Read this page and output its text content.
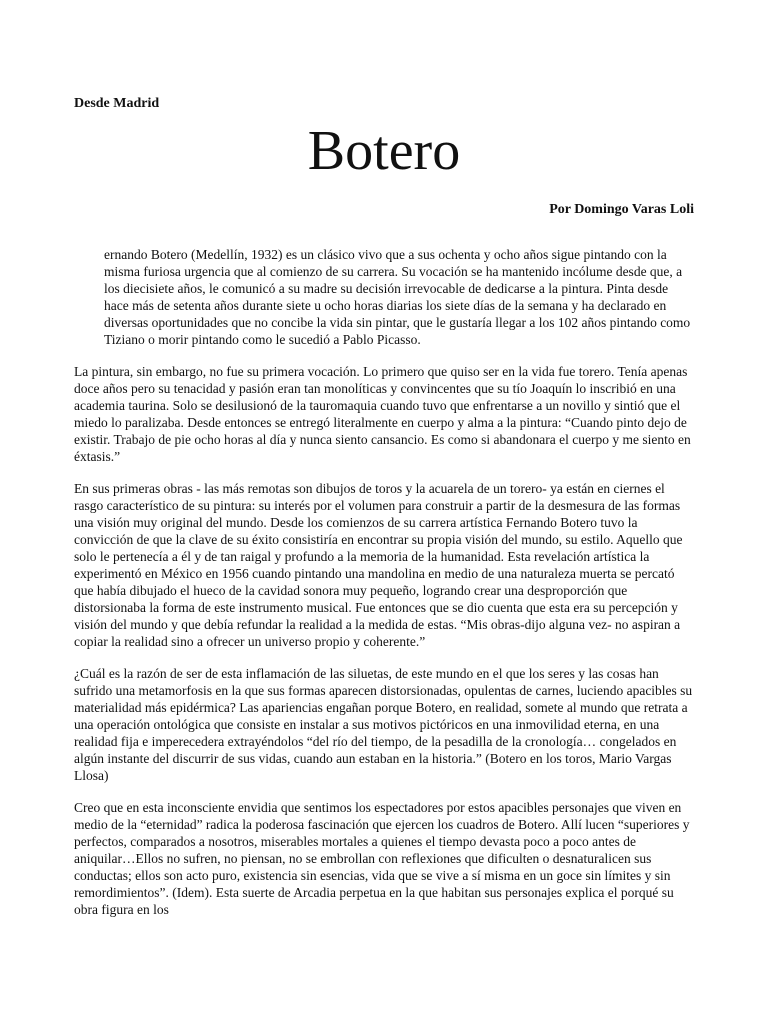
Desde Madrid
Botero
Por Domingo Varas Loli

ernando Botero (Medellín, 1932) es un clásico vivo que a sus ochenta y ocho años sigue pintando con la misma furiosa urgencia que al comienzo de su carrera. Su vocación se ha mantenido incólume desde que, a los diecisiete años, le comunicó a su madre su decisión irrevocable de dedicarse a la pintura. Pinta desde hace más de setenta años durante siete u ocho horas diarias los siete días de la semana y ha declarado en diversas oportunidades que no concibe la vida sin pintar, que le gustaría llegar a los 102 años pintando como Tiziano o morir pintando como le sucedió a Pablo Picasso.

La pintura, sin embargo, no fue su primera vocación. Lo primero que quiso ser en la vida fue torero. Tenía apenas doce años pero su tenacidad y pasión eran tan monolíticas y convincentes que su tío Joaquín lo inscribió en una academia taurina. Solo se desilusionó de la tauromaquia cuando tuvo que enfrentarse a un novillo y sintió que el miedo lo paralizaba. Desde entonces se entregó literalmente en cuerpo y alma a la pintura: “Cuando pinto dejo de existir. Trabajo de pie ocho horas al día y nunca siento cansancio. Es como si abandonara el cuerpo y me siento en éxtasis.”

En sus primeras obras - las más remotas son dibujos de toros y la acuarela de un torero- ya están en ciernes el rasgo característico de su pintura: su interés por el volumen para construir a partir de la desmesura de las formas una visión muy original del mundo. Desde los comienzos de su carrera artística Fernando Botero tuvo la convicción de que la clave de su éxito consistiría en encontrar su propia visión del mundo, su estilo. Aquello que solo le pertenecía a él y de tan raigal y profundo a la memoria de la humanidad. Esta revelación artística la experimentó en México en 1956 cuando pintando una mandolina en medio de una naturaleza muerta se percató que había dibujado el hueco de la cavidad sonora muy pequeño, logrando crear una desproporción que distorsionaba la forma de este instrumento musical. Fue entonces que se dio cuenta que esta era su percepción y visión del mundo y que debía refundar la realidad a la medida de estas. “Mis obras-dijo alguna vez- no aspiran a copiar la realidad sino a ofrecer un universo propio y coherente.”

¿Cuál es la razón de ser de esta inflamación de las siluetas, de este mundo en el que los seres y las cosas han sufrido una metamorfosis en la que sus formas aparecen distorsionadas, opulentas de carnes, luciendo apacibles su materialidad más epidérmica? Las apariencias engañan porque Botero, en realidad, somete al mundo que retrata a una operación ontológica que consiste en instalar a sus motivos pictóricos en una inmovilidad eterna, en una realidad fija e imperecedera extrayéndolos “del río del tiempo, de la pesadilla de la cronología… congelados en algún instante del discurrir de sus vidas, cuando aun estaban en la historia.” (Botero en los toros, Mario Vargas Llosa)

Creo que en esta inconsciente envidia que sentimos los espectadores por estos apacibles personajes que viven en medio de la “eternidad” radica la poderosa fascinación que ejercen los cuadros de Botero. Allí lucen “superiores y perfectos, comparados a nosotros, miserables mortales a quienes el tiempo devasta poco a poco antes de aniquilar…Ellos no sufren, no piensan, no se embrollan con reflexiones que dificulten o desnaturalicen sus conductas; ellos son acto puro, existencia sin esencias, vida que se vive a sí misma en un goce sin límites y sin remordimientos”. (Idem). Esta suerte de Arcadia perpetua en la que habitan sus personajes explica el porqué su obra figura en los
